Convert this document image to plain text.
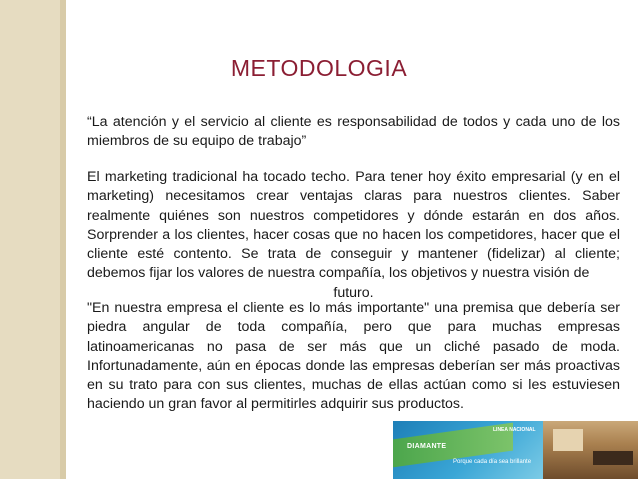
METODOLOGIA

“La atención y el servicio al cliente es responsabilidad de todos y cada uno de los miembros de su equipo de trabajo”

El marketing tradicional ha tocado techo. Para tener hoy éxito empresarial (y en el marketing) necesitamos crear ventajas claras para nuestros clientes. Saber realmente quiénes son nuestros competidores y dónde estarán en dos años. Sorprender a los clientes, hacer cosas que no hacen los competidores, hacer que el cliente esté contento. Se trata de conseguir y mantener (fidelizar) al cliente; debemos fijar los valores de nuestra compañía, los objetivos y nuestra visión de
futuro.

"En nuestra empresa el cliente es lo más importante" una premisa que debería ser piedra angular de toda compañía, pero que para muchas empresas latinoamericanas no pasa de ser más que un cliché pasado de moda. Infortunadamente, aún en épocas donde las empresas deberían ser más proactivas en su trato para con sus clientes, muchas de ellas actúan como si les estuviesen haciendo un gran favor al permitirles adquirir sus productos.

DIAMANTE
Porque cada día sea brillante
LINEA NACIONAL
